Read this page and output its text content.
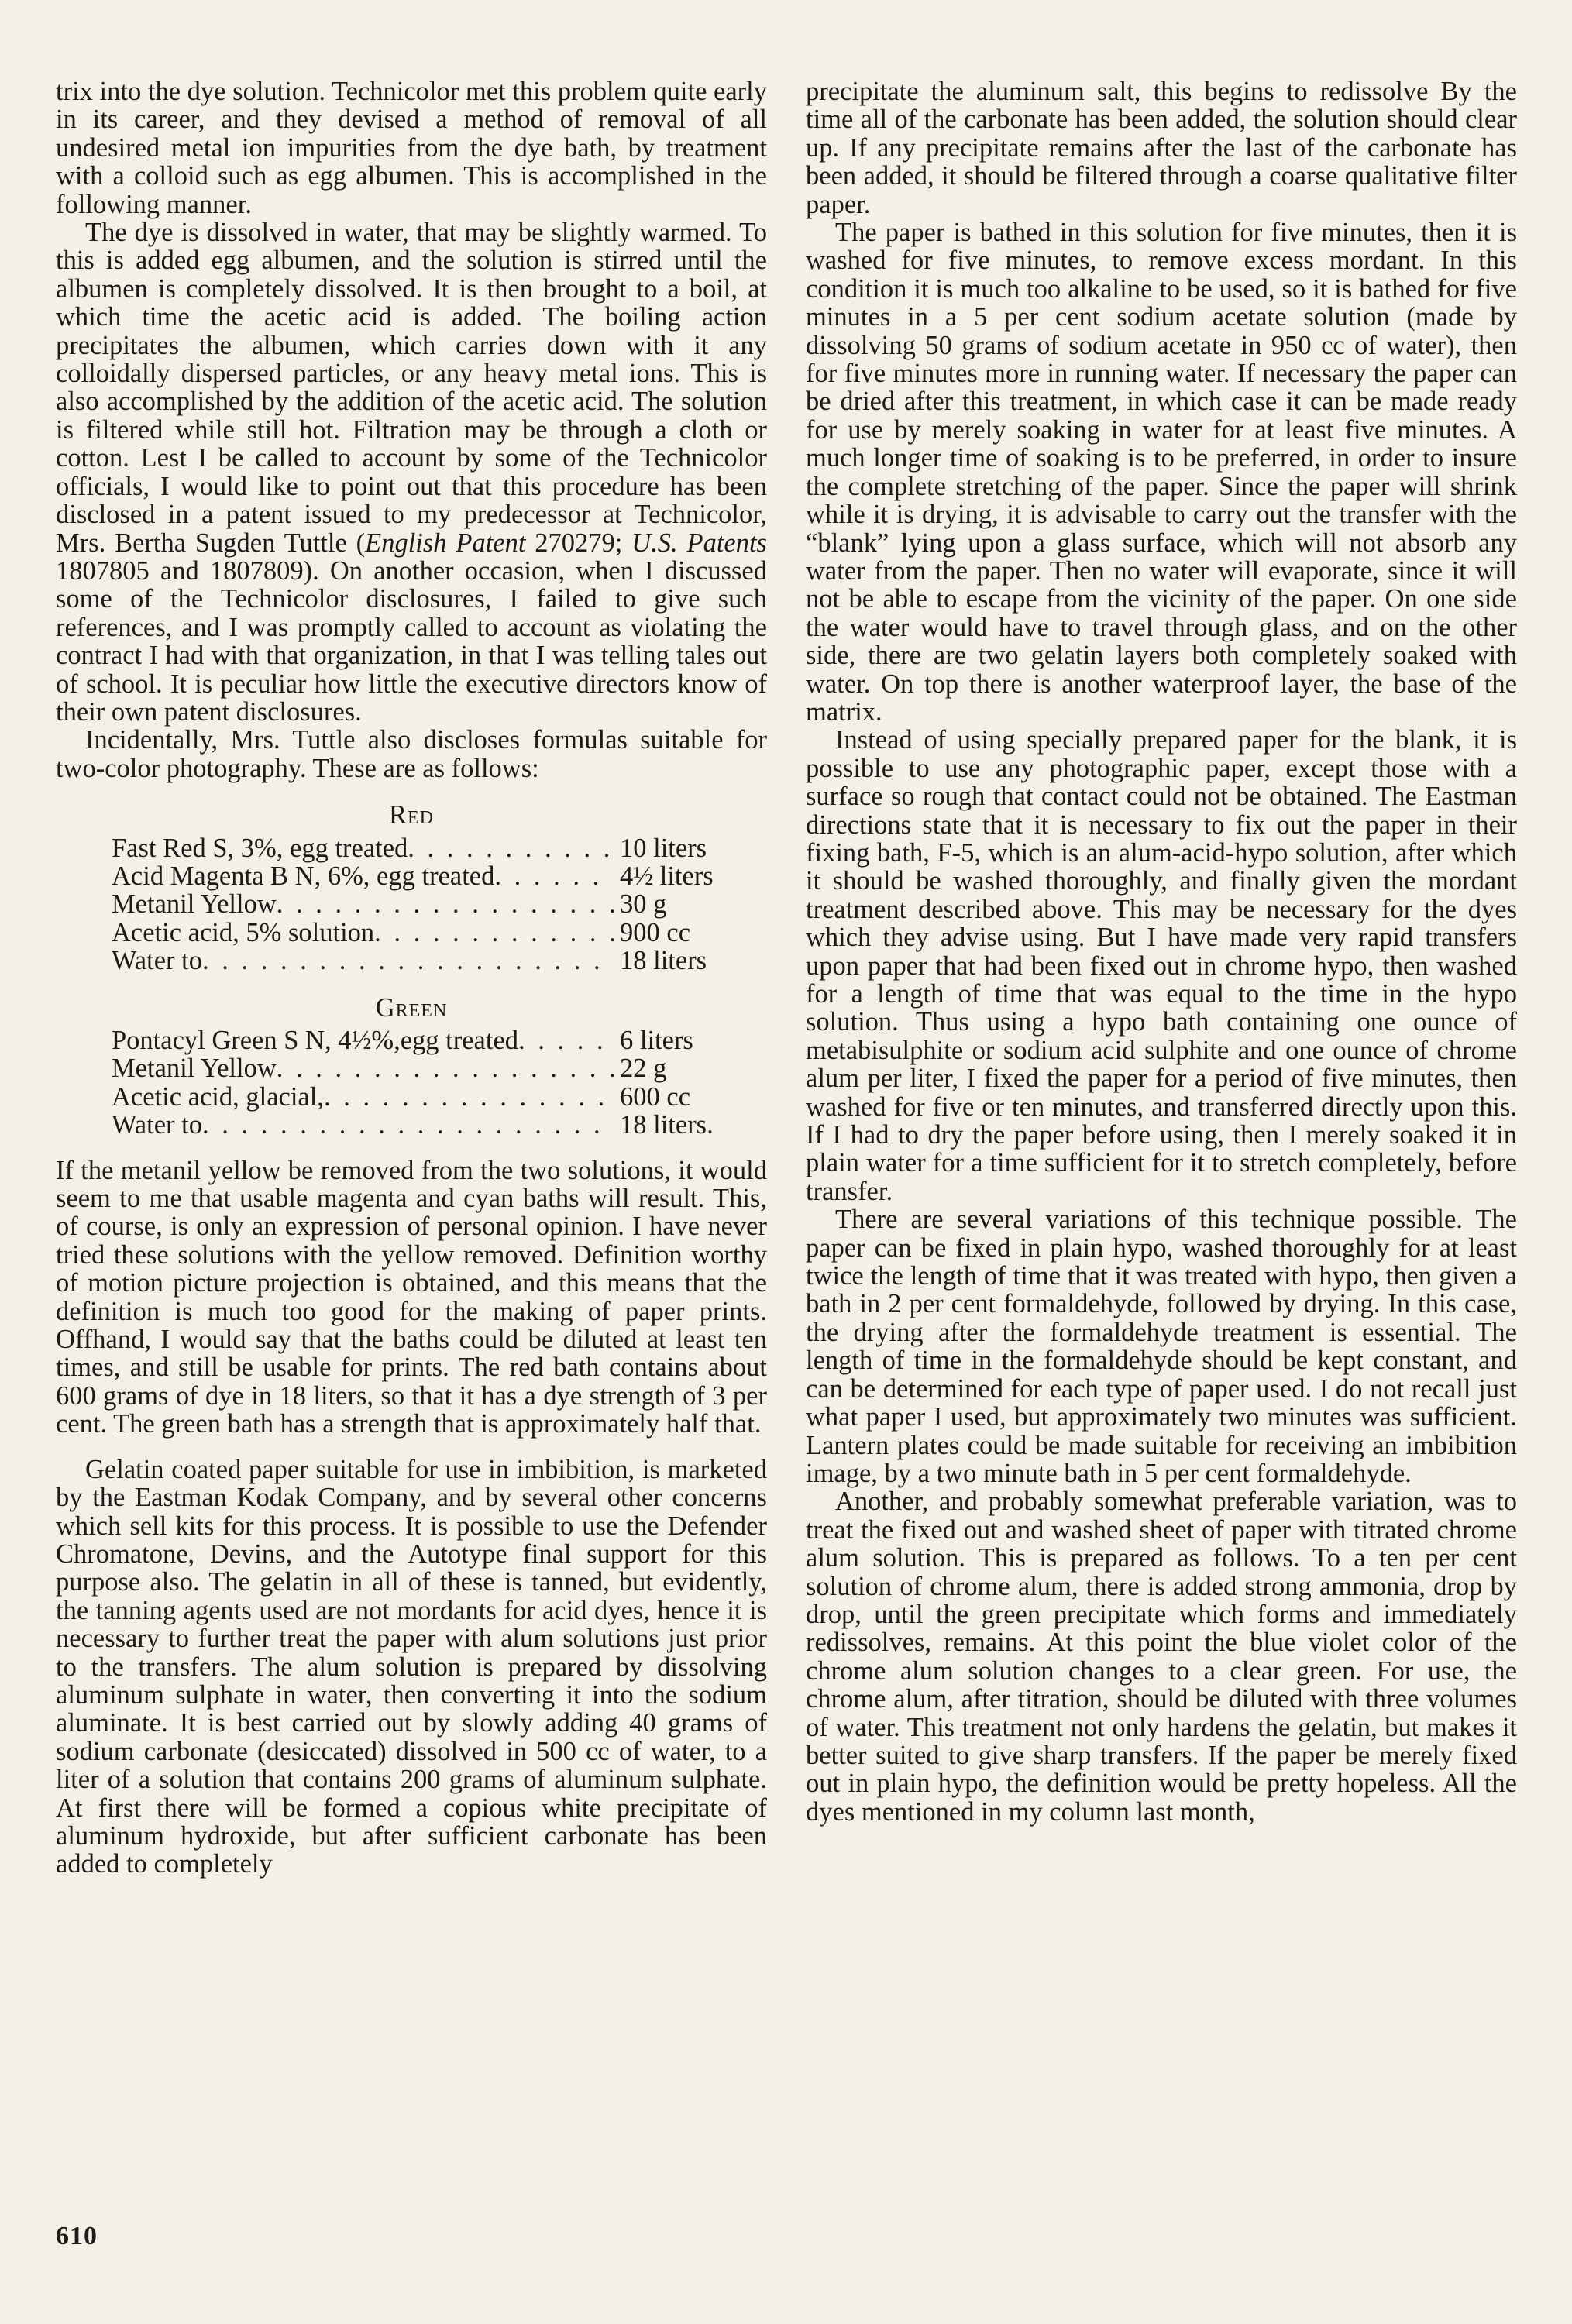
trix into the dye solution. Technicolor met this problem quite early in its career, and they devised a method of removal of all undesired metal ion impurities from the dye bath, by treatment with a colloid such as egg albumen. This is accomplished in the following manner.

The dye is dissolved in water, that may be slightly warmed. To this is added egg albumen, and the solution is stirred until the albumen is completely dissolved. It is then brought to a boil, at which time the acetic acid is added. The boiling action precipitates the albumen, which carries down with it any colloidally dispersed particles, or any heavy metal ions. This is also accomplished by the addition of the acetic acid. The solution is filtered while still hot. Filtration may be through a cloth or cotton. Lest I be called to account by some of the Technicolor officials, I would like to point out that this procedure has been disclosed in a patent issued to my predecessor at Technicolor, Mrs. Bertha Sugden Tuttle (English Patent 270279; U.S. Patents 1807805 and 1807809). On another occasion, when I discussed some of the Technicolor disclosures, I failed to give such references, and I was promptly called to account as violating the contract I had with that organization, in that I was telling tales out of school. It is peculiar how little the executive directors know of their own patent disclosures.

Incidentally, Mrs. Tuttle also discloses formulas suitable for two-color photography. These are as follows:

Red
Fast Red S, 3%, egg treated . . .	10 liters
Acid Magenta B N, 6%, egg treated . . .	4½ liters
Metanil Yellow . . .	30 g
Acetic acid, 5% solution . . .	900 cc
Water to . . .	18 liters
Green
Pontacyl Green S N, 4½%,egg treated . . .	6 liters
Metanil Yellow . . .	22 g
Acetic acid, glacial, . . .	600 cc
Water to . . .	18 liters.

If the metanil yellow be removed from the two solutions, it would seem to me that usable magenta and cyan baths will result. This, of course, is only an expression of personal opinion. I have never tried these solutions with the yellow removed. Definition worthy of motion picture projection is obtained, and this means that the definition is much too good for the making of paper prints. Offhand, I would say that the baths could be diluted at least ten times, and still be usable for prints. The red bath contains about 600 grams of dye in 18 liters, so that it has a dye strength of 3 per cent. The green bath has a strength that is approximately half that.

Gelatin coated paper suitable for use in imbibition, is marketed by the Eastman Kodak Company, and by several other concerns which sell kits for this process. It is possible to use the Defender Chromatone, Devins, and the Autotype final support for this purpose also. The gelatin in all of these is tanned, but evidently, the tanning agents used are not mordants for acid dyes, hence it is necessary to further treat the paper with alum solutions just prior to the transfers. The alum solution is prepared by dissolving aluminum sulphate in water, then converting it into the sodium aluminate. It is best carried out by slowly adding 40 grams of sodium carbonate (desiccated) dissolved in 500 cc of water, to a liter of a solution that contains 200 grams of aluminum sulphate. At first there will be formed a copious white precipitate of aluminum hydroxide, but after sufficient carbonate has been added to completely

precipitate the aluminum salt, this begins to redissolve By the time all of the carbonate has been added, the solution should clear up. If any precipitate remains after the last of the carbonate has been added, it should be filtered through a coarse qualitative filter paper.

The paper is bathed in this solution for five minutes, then it is washed for five minutes, to remove excess mordant. In this condition it is much too alkaline to be used, so it is bathed for five minutes in a 5 per cent sodium acetate solution (made by dissolving 50 grams of sodium acetate in 950 cc of water), then for five minutes more in running water. If necessary the paper can be dried after this treatment, in which case it can be made ready for use by merely soaking in water for at least five minutes. A much longer time of soaking is to be preferred, in order to insure the complete stretching of the paper. Since the paper will shrink while it is drying, it is advisable to carry out the transfer with the “blank” lying upon a glass surface, which will not absorb any water from the paper. Then no water will evaporate, since it will not be able to escape from the vicinity of the paper. On one side the water would have to travel through glass, and on the other side, there are two gelatin layers both completely soaked with water. On top there is another waterproof layer, the base of the matrix.

Instead of using specially prepared paper for the blank, it is possible to use any photographic paper, except those with a surface so rough that contact could not be obtained. The Eastman directions state that it is necessary to fix out the paper in their fixing bath, F-5, which is an alum-acid-hypo solution, after which it should be washed thoroughly, and finally given the mordant treatment described above. This may be necessary for the dyes which they advise using. But I have made very rapid transfers upon paper that had been fixed out in chrome hypo, then washed for a length of time that was equal to the time in the hypo solution. Thus using a hypo bath containing one ounce of metabisulphite or sodium acid sulphite and one ounce of chrome alum per liter, I fixed the paper for a period of five minutes, then washed for five or ten minutes, and transferred directly upon this. If I had to dry the paper before using, then I merely soaked it in plain water for a time sufficient for it to stretch completely, before transfer.

There are several variations of this technique possible. The paper can be fixed in plain hypo, washed thoroughly for at least twice the length of time that it was treated with hypo, then given a bath in 2 per cent formaldehyde, followed by drying. In this case, the drying after the formaldehyde treatment is essential. The length of time in the formaldehyde should be kept constant, and can be determined for each type of paper used. I do not recall just what paper I used, but approximately two minutes was sufficient. Lantern plates could be made suitable for receiving an imbibition image, by a two minute bath in 5 per cent formaldehyde.

Another, and probably somewhat preferable variation, was to treat the fixed out and washed sheet of paper with titrated chrome alum solution. This is prepared as follows. To a ten per cent solution of chrome alum, there is added strong ammonia, drop by drop, until the green precipitate which forms and immediately redissolves, remains. At this point the blue violet color of the chrome alum solution changes to a clear green. For use, the chrome alum, after titration, should be diluted with three volumes of water. This treatment not only hardens the gelatin, but makes it better suited to give sharp transfers. If the paper be merely fixed out in plain hypo, the definition would be pretty hopeless. All the dyes mentioned in my column last month,

610
